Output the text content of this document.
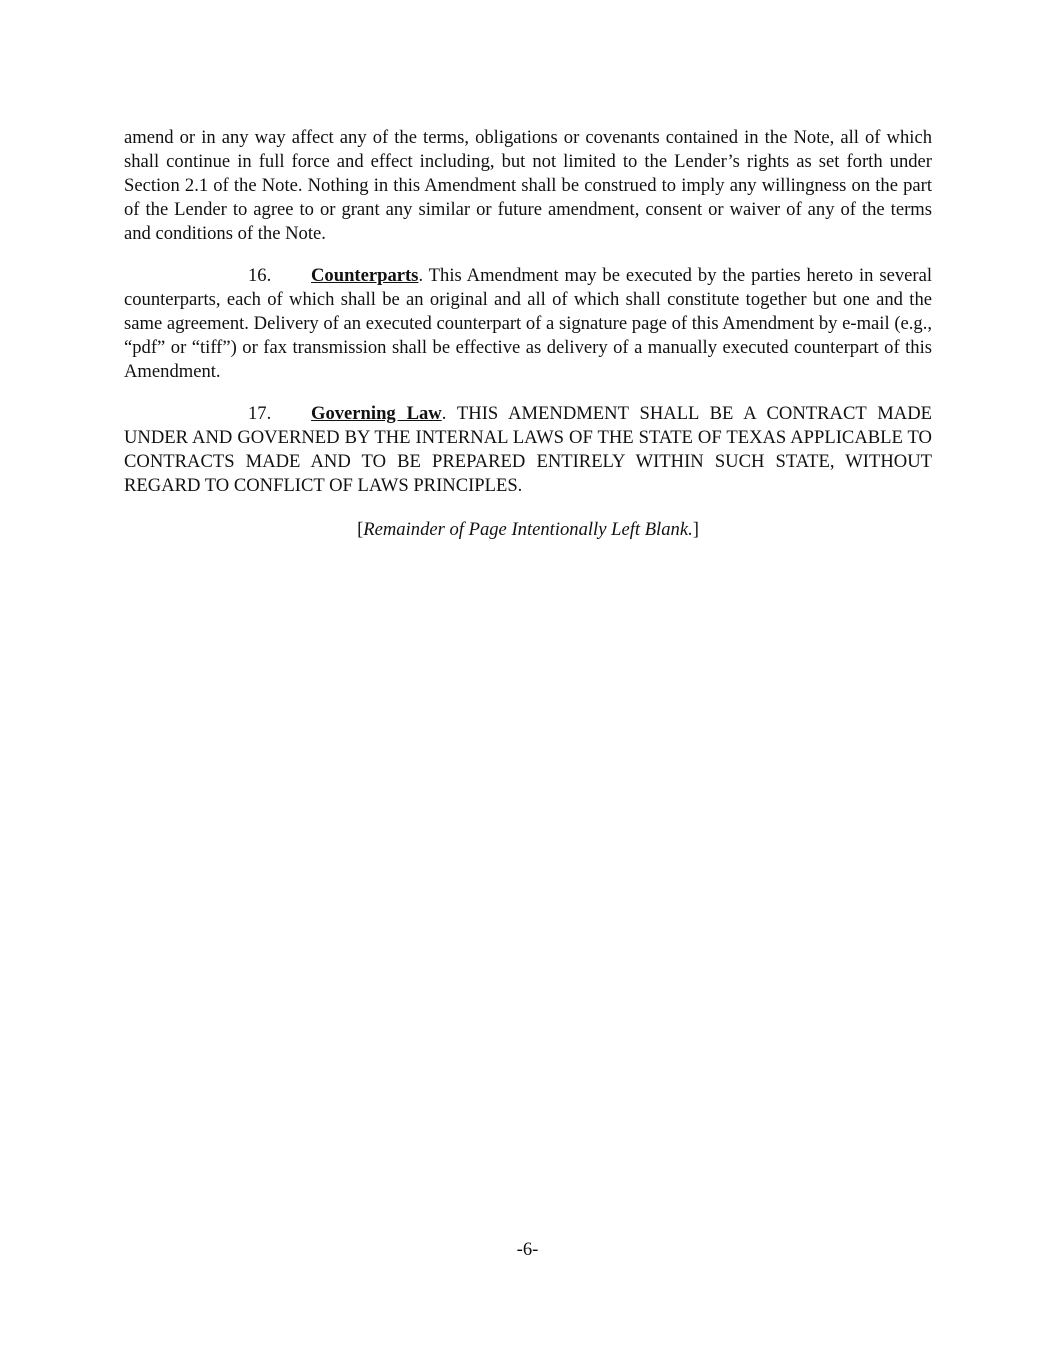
amend or in any way affect any of the terms, obligations or covenants contained in the Note, all of which shall continue in full force and effect including, but not limited to the Lender’s rights as set forth under Section 2.1 of the Note. Nothing in this Amendment shall be construed to imply any willingness on the part of the Lender to agree to or grant any similar or future amendment, consent or waiver of any of the terms and conditions of the Note.

16. Counterparts. This Amendment may be executed by the parties hereto in several counterparts, each of which shall be an original and all of which shall constitute together but one and the same agreement. Delivery of an executed counterpart of a signature page of this Amendment by e-mail (e.g., “pdf” or “tiff”) or fax transmission shall be effective as delivery of a manually executed counterpart of this Amendment.

17. Governing Law. THIS AMENDMENT SHALL BE A CONTRACT MADE UNDER AND GOVERNED BY THE INTERNAL LAWS OF THE STATE OF TEXAS APPLICABLE TO CONTRACTS MADE AND TO BE PREPARED ENTIRELY WITHIN SUCH STATE, WITHOUT REGARD TO CONFLICT OF LAWS PRINCIPLES.

[Remainder of Page Intentionally Left Blank.]

-6-
